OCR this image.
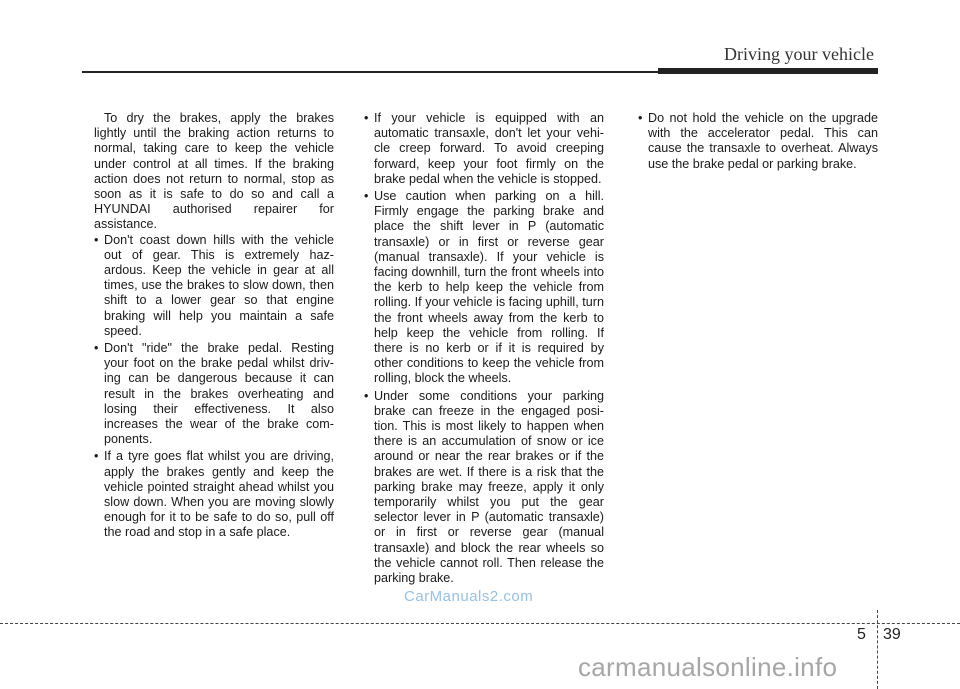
Driving your vehicle

To dry the brakes, apply the brakes lightly until the braking action returns to normal, taking care to keep the vehicle under control at all times. If the braking action does not return to normal, stop as soon as it is safe to do so and call a HYUNDAI authorised repairer for assistance.

• Don't coast down hills with the vehicle out of gear. This is extremely haz-ardous. Keep the vehicle in gear at all times, use the brakes to slow down, then shift to a lower gear so that engine braking will help you maintain a safe speed.

• Don't "ride" the brake pedal. Resting your foot on the brake pedal whilst driv-ing can be dangerous because it can result in the brakes overheating and losing their effectiveness. It also increases the wear of the brake com-ponents.

• If a tyre goes flat whilst you are driving, apply the brakes gently and keep the vehicle pointed straight ahead whilst you slow down. When you are moving slowly enough for it to be safe to do so, pull off the road and stop in a safe place.

• If your vehicle is equipped with an automatic transaxle, don't let your vehi-cle creep forward. To avoid creeping forward, keep your foot firmly on the brake pedal when the vehicle is stopped.

• Use caution when parking on a hill. Firmly engage the parking brake and place the shift lever in P (automatic transaxle) or in first or reverse gear (manual transaxle). If your vehicle is facing downhill, turn the front wheels into the kerb to help keep the vehicle from rolling. If your vehicle is facing uphill, turn the front wheels away from the kerb to help keep the vehicle from rolling. If there is no kerb or if it is required by other conditions to keep the vehicle from rolling, block the wheels.

• Under some conditions your parking brake can freeze in the engaged posi-tion. This is most likely to happen when there is an accumulation of snow or ice around or near the rear brakes or if the brakes are wet. If there is a risk that the parking brake may freeze, apply it only temporarily whilst you put the gear selector lever in P (automatic transaxle) or in first or reverse gear (manual transaxle) and block the rear wheels so the vehicle cannot roll. Then release the parking brake.

• Do not hold the vehicle on the upgrade with the accelerator pedal. This can cause the transaxle to overheat. Always use the brake pedal or parking brake.

CarManuals2.com
5 39
carmanualsonline.info
